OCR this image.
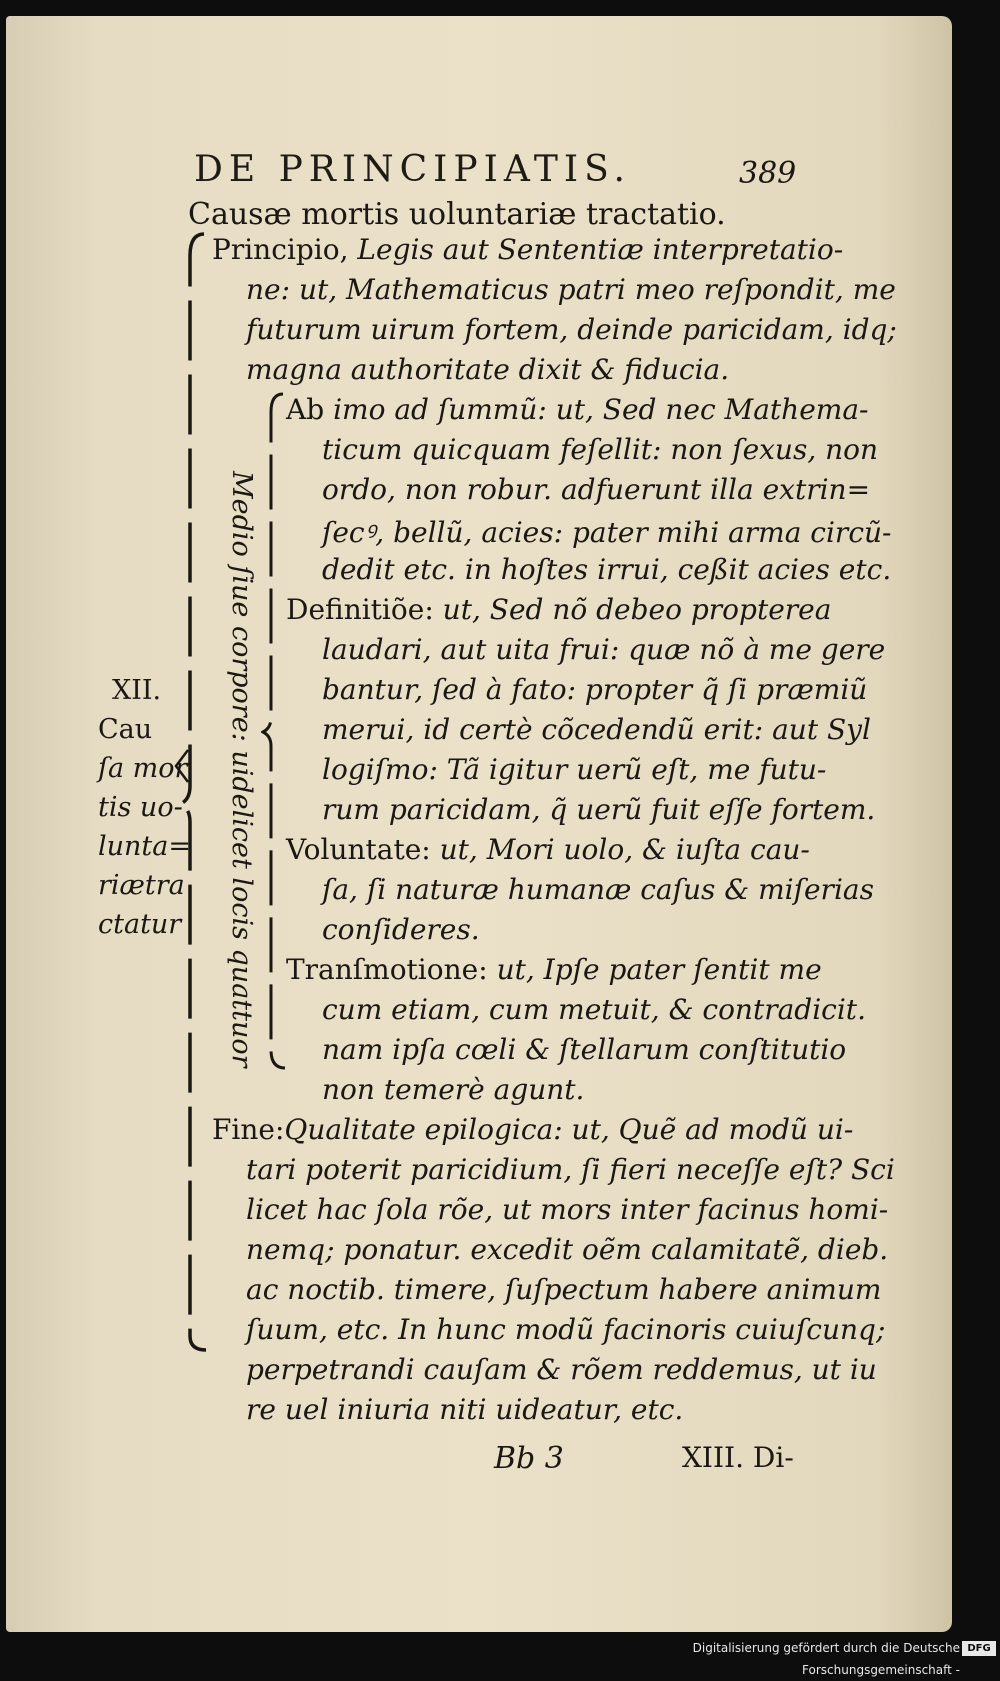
DE PRINCIPIATIS.	389
Causæ mortis uoluntariæ tractatio.
Principio, Legis aut Sententiæ interpretatio-
ne: ut, Mathematicus patri meo reſpondit, me
futurum uirum fortem, deinde paricidam, idq;
magna authoritate dixit & fiducia.
Ab imo ad ſummũ: ut, Sed nec Mathema-
ticum quicquam feſellit: non ſexus, non
ordo, non robur. adfuerunt illa extrin=
ſecꝰ, bellũ, acies: pater mihi arma circũ-
dedit etc. in hoſtes irrui, ceßit acies etc.
Definitiõe: ut, Sed nõ debeo propterea
laudari, aut uita frui: quæ nõ à me gere
bantur, ſed à fato: propter q̃ ſi præmiũ
merui, id certè cõcedendũ erit: aut Syl
logiſmo: Tã igitur uerũ eſt, me futu-
rum paricidam, q̃ uerũ fuit eſſe fortem.
Voluntate: ut, Mori uolo, & iuſta cau-
ſa, ſi naturæ humanæ caſus & miſerias
conſideres.
Tranſmotione: ut, Ipſe pater ſentit me
cum etiam, cum metuit, & contradicit.
nam ipſa cœli & ſtellarum conſtitutio
non temerè agunt.
Fine:Qualitate epilogica: ut, Quẽ ad modũ ui-
tari poterit paricidium, ſi fieri neceſſe eſt? Sci
licet hac ſola rõe, ut mors inter facinus homi-
nemq; ponatur. excedit oẽm calamitatẽ, dieb.
ac noctib. timere, ſuſpectum habere animum
ſuum, etc. In hunc modũ facinoris cuiuſcunq;
perpetrandi cauſam & rõem reddemus, ut iu
re uel iniuria niti uideatur, etc.
XII.
Cau
ſa mor
tis uo-
lunta=
riætra
ctatur	Medio ſiue corpore: uidelicet locis quattuor
Bb 3	XIII. Di-
Digitalisierung gefördert durch die Deutsche Forschungsgemeinschaft -
DFG
